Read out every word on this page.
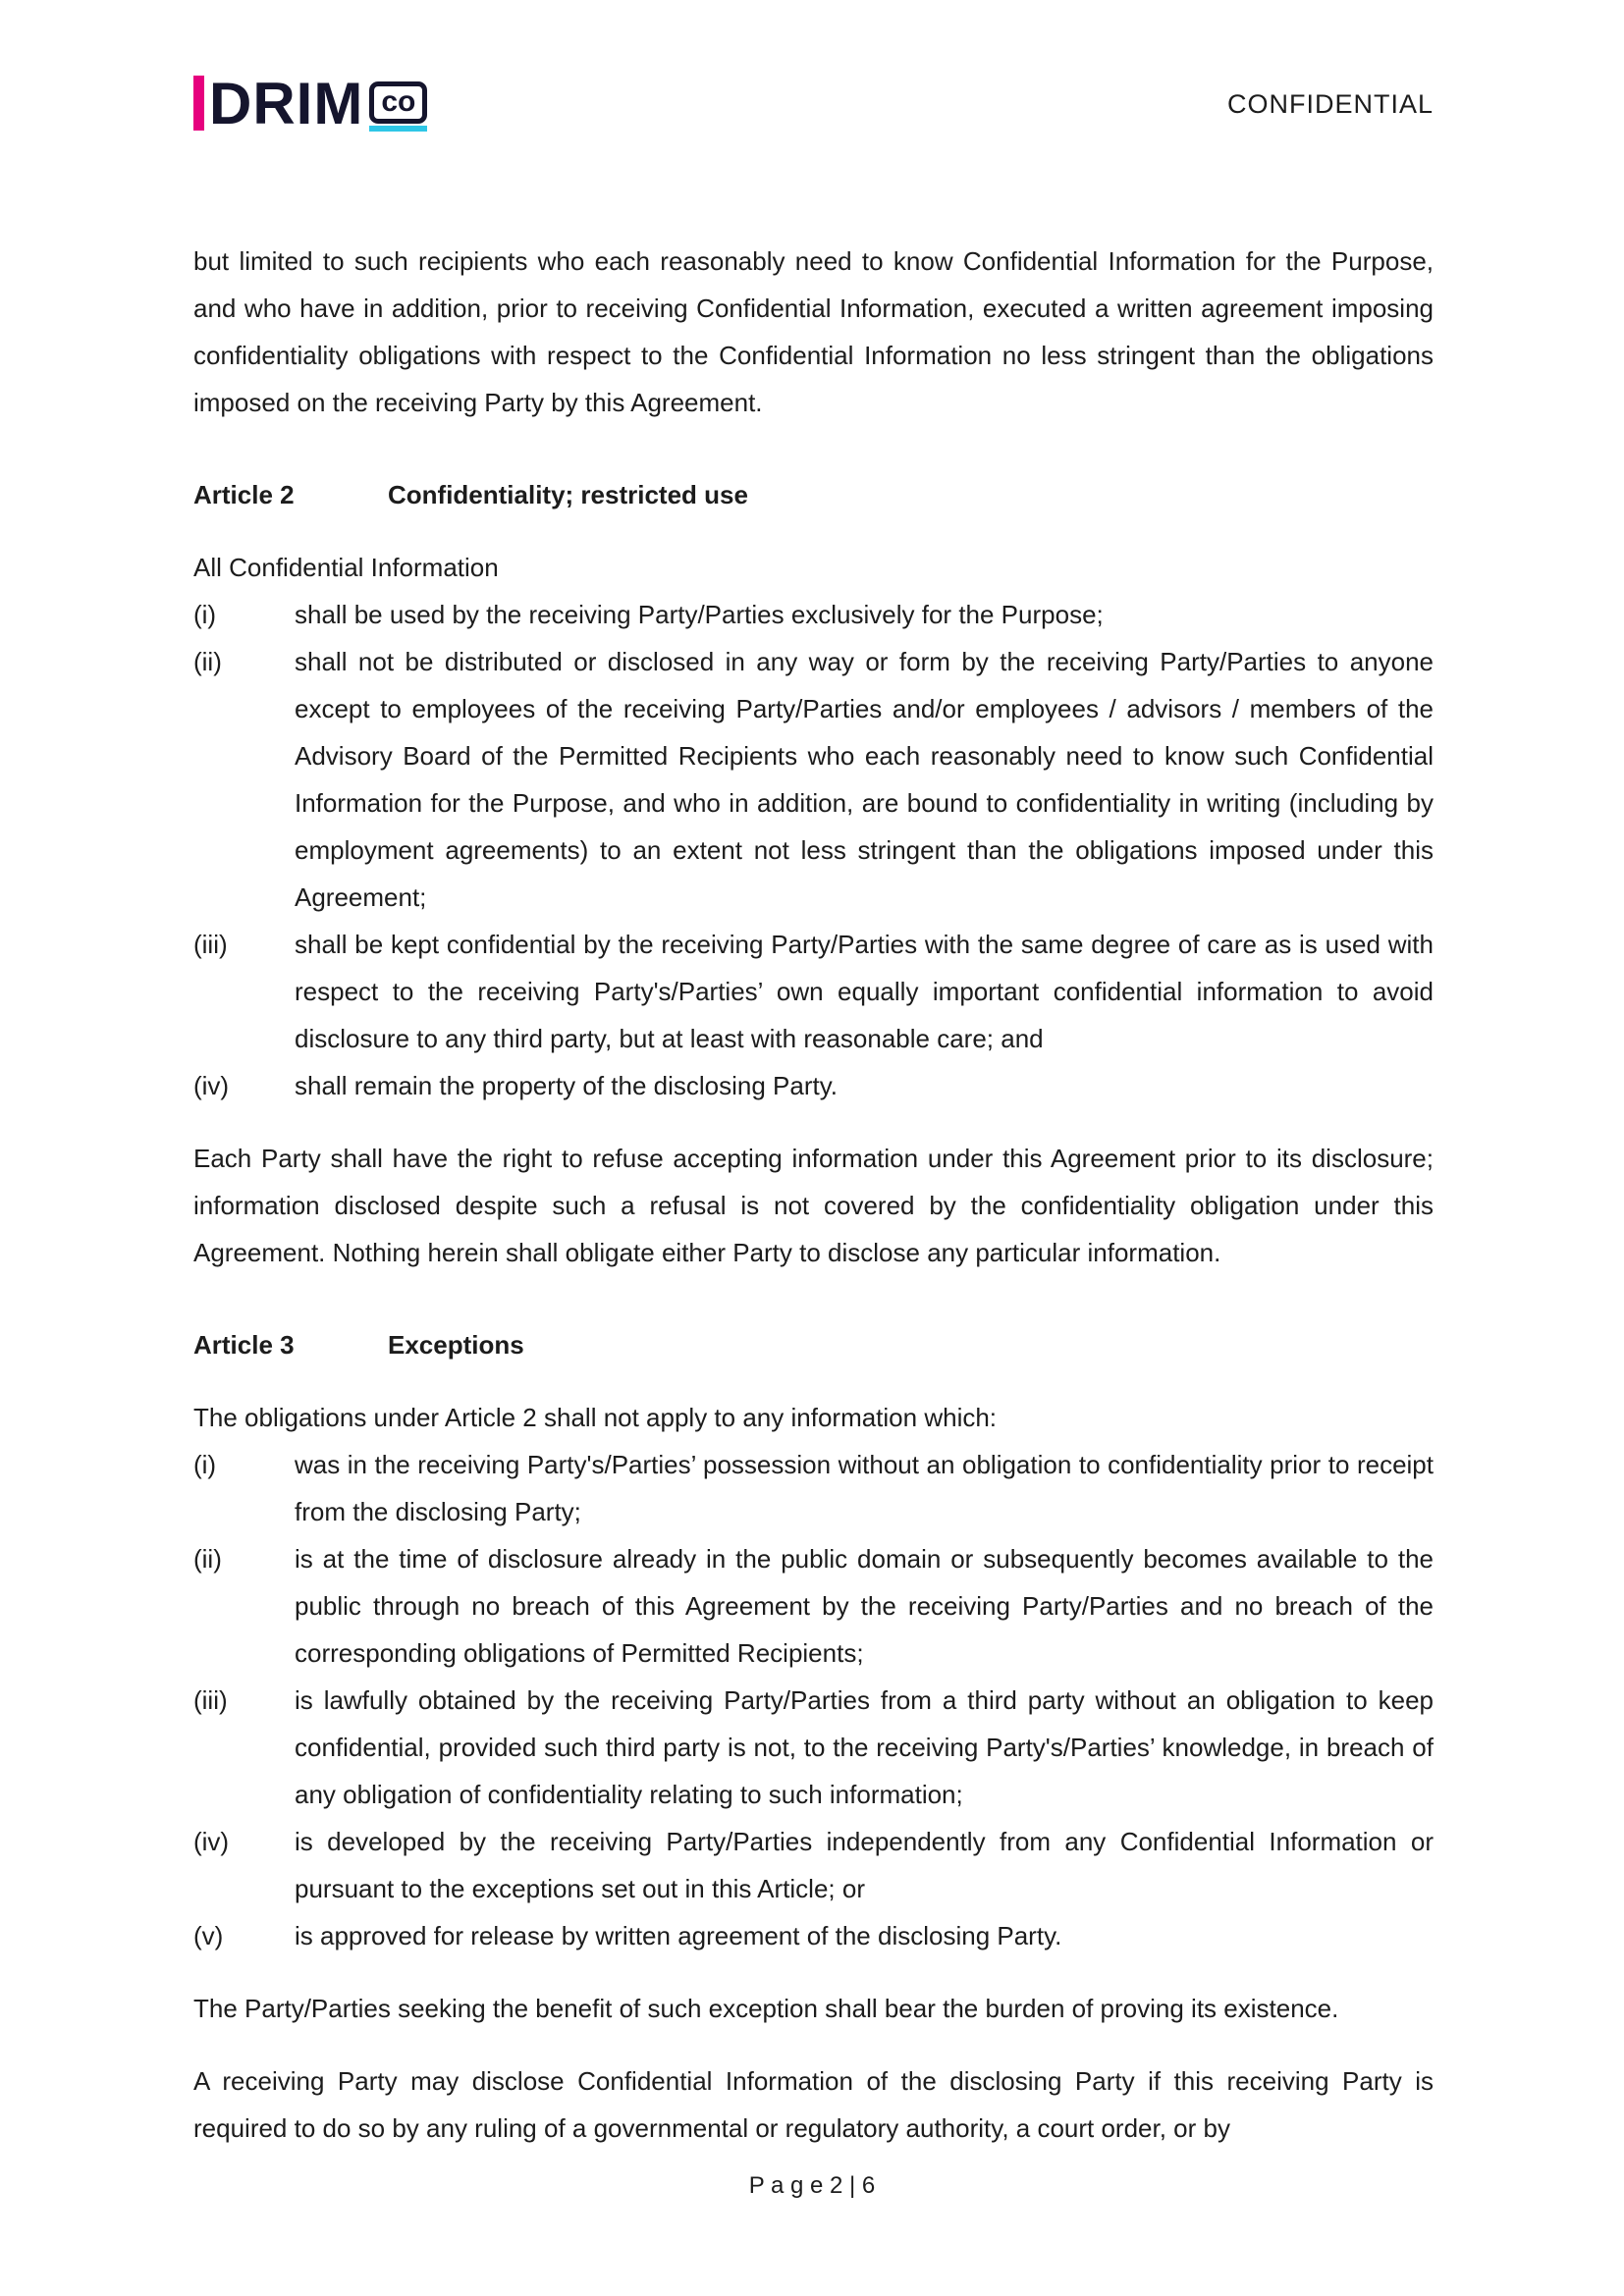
DRIM co	CONFIDENTIAL

but limited to such recipients who each reasonably need to know Confidential Information for the Purpose, and who have in addition, prior to receiving Confidential Information, executed a written agreement imposing confidentiality obligations with respect to the Confidential Information no less stringent than the obligations imposed on the receiving Party by this Agreement.

Article 2	Confidentiality; restricted use

All Confidential Information

(i)	shall be used by the receiving Party/Parties exclusively for the Purpose;
(ii)	shall not be distributed or disclosed in any way or form by the receiving Party/Parties to anyone except to employees of the receiving Party/Parties and/or employees / advisors / members of the Advisory Board of the Permitted Recipients who each reasonably need to know such Confidential Information for the Purpose, and who in addition, are bound to confidentiality in writing (including by employment agreements) to an extent not less stringent than the obligations imposed under this Agreement;
(iii)	shall be kept confidential by the receiving Party/Parties with the same degree of care as is used with respect to the receiving Party's/Parties’ own equally important confidential information to avoid disclosure to any third party, but at least with reasonable care; and
(iv)	shall remain the property of the disclosing Party.

Each Party shall have the right to refuse accepting information under this Agreement prior to its disclosure; information disclosed despite such a refusal is not covered by the confidentiality obligation under this Agreement. Nothing herein shall obligate either Party to disclose any particular information.

Article 3	Exceptions

The obligations under Article 2 shall not apply to any information which:

(i)	was in the receiving Party's/Parties’ possession without an obligation to confidentiality prior to receipt from the disclosing Party;
(ii)	is at the time of disclosure already in the public domain or subsequently becomes available to the public through no breach of this Agreement by the receiving Party/Parties and no breach of the corresponding obligations of Permitted Recipients;
(iii)	is lawfully obtained by the receiving Party/Parties from a third party without an obligation to keep confidential, provided such third party is not, to the receiving Party's/Parties’ knowledge, in breach of any obligation of confidentiality relating to such information;
(iv)	is developed by the receiving Party/Parties independently from any Confidential Information or pursuant to the exceptions set out in this Article; or
(v)	is approved for release by written agreement of the disclosing Party.

The Party/Parties seeking the benefit of such exception shall bear the burden of proving its existence.

A receiving Party may disclose Confidential Information of the disclosing Party if this receiving Party is required to do so by any ruling of a governmental or regulatory authority, a court order, or by

P a g e 2 | 6
